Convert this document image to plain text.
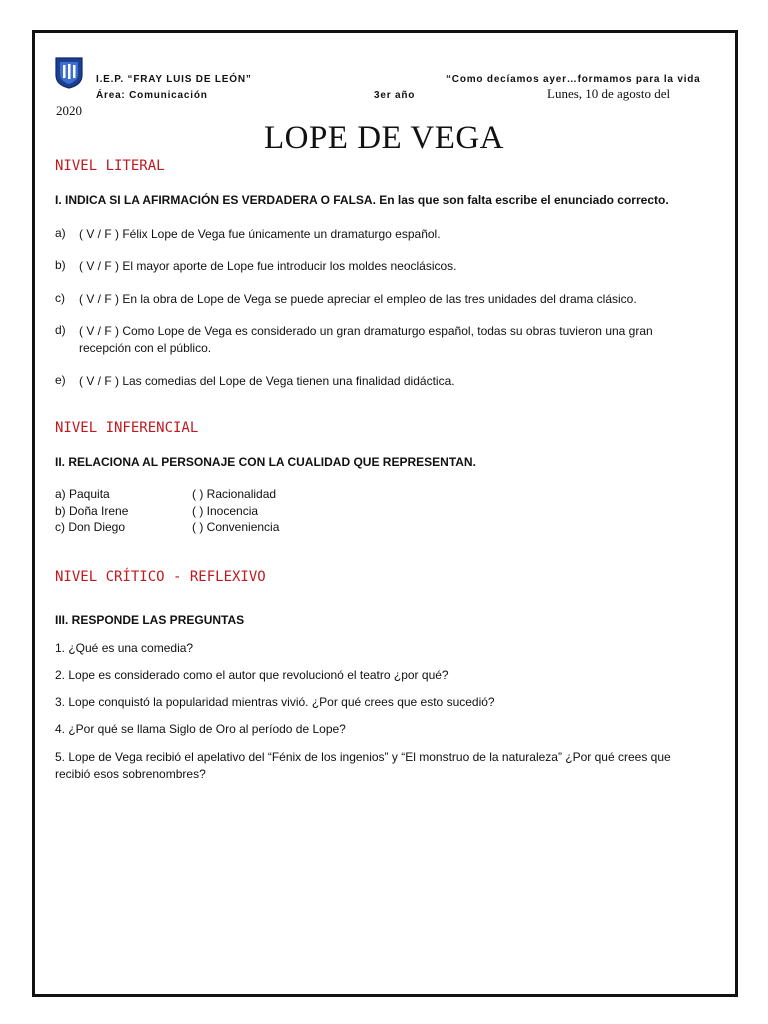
I.E.P. “FRAY LUIS DE LEÓN”	“Como decíamos ayer…formamos para la vida
Área: Comunicación	3er año	Lunes, 10 de agosto del
2020
LOPE DE VEGA
NIVEL LITERAL
I. INDICA SI LA AFIRMACIÓN ES VERDADERA O FALSA. En las que son falta escribe el enunciado correcto.
a) ( V / F ) Félix Lope de Vega fue únicamente un dramaturgo español.
b) ( V / F ) El mayor aporte de Lope fue introducir los moldes neoclásicos.
c) ( V / F ) En la obra de Lope de Vega se puede apreciar el empleo de las tres unidades del drama clásico.
d) ( V / F ) Como Lope de Vega es considerado un gran dramaturgo español, todas su obras tuvieron una gran recepción con el público.
e) ( V / F ) Las comedias del Lope de Vega tienen una finalidad didáctica.
NIVEL INFERENCIAL
II. RELACIONA AL PERSONAJE CON LA CUALIDAD QUE REPRESENTAN.
a) Paquita	( ) Racionalidad
b) Doña Irene	( ) Inocencia
c) Don Diego	( ) Conveniencia
NIVEL CRÍTICO - REFLEXIVO
III. RESPONDE LAS PREGUNTAS
1. ¿Qué es una comedia?
2. Lope es considerado como el autor que revolucionó el teatro ¿por qué?
3. Lope conquistó la popularidad mientras vivió. ¿Por qué crees que esto sucedió?
4. ¿Por qué se llama Siglo de Oro al período de Lope?
5. Lope de Vega recibió el apelativo del “Fénix de los ingenios” y “El monstruo de la naturaleza” ¿Por qué crees que recibió esos sobrenombres?
